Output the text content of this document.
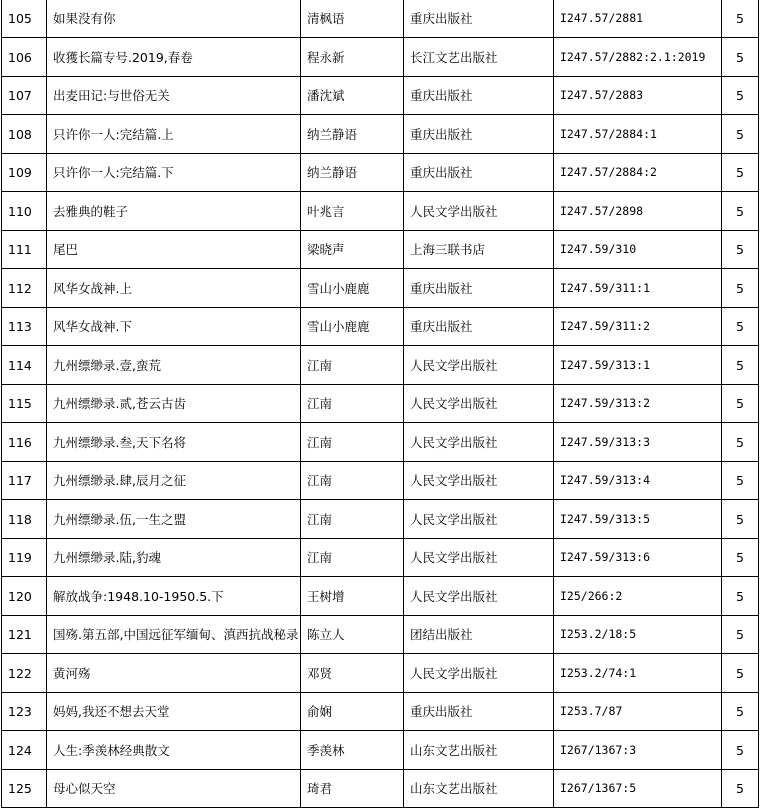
105	如果没有你	清枫语	重庆出版社	I247.57/2881	5
106	收獲长篇专号.2019,春卷	程永新	长江文艺出版社	I247.57/2882:2.1:2019	5
107	出麦田记:与世俗无关	潘沈斌	重庆出版社	I247.57/2883	5
108	只许你一人:完结篇.上	纳兰静语	重庆出版社	I247.57/2884:1	5
109	只许你一人:完结篇.下	纳兰静语	重庆出版社	I247.57/2884:2	5
110	去雅典的鞋子	叶兆言	人民文学出版社	I247.57/2898	5
111	尾巴	梁晓声	上海三联书店	I247.59/310	5
112	风华女战神.上	雪山小鹿鹿	重庆出版社	I247.59/311:1	5
113	风华女战神.下	雪山小鹿鹿	重庆出版社	I247.59/311:2	5
114	九州缥缈录.壹,蛮荒	江南	人民文学出版社	I247.59/313:1	5
115	九州缥缈录.贰,苍云古齿	江南	人民文学出版社	I247.59/313:2	5
116	九州缥缈录.叁,天下名将	江南	人民文学出版社	I247.59/313:3	5
117	九州缥缈录.肆,辰月之征	江南	人民文学出版社	I247.59/313:4	5
118	九州缥缈录.伍,一生之盟	江南	人民文学出版社	I247.59/313:5	5
119	九州缥缈录.陆,豹魂	江南	人民文学出版社	I247.59/313:6	5
120	解放战争:1948.10-1950.5.下	王树增	人民文学出版社	I25/266:2	5
121	国殇.第五部,中国远征军缅甸、滇西抗战秘录	陈立人	团结出版社	I253.2/18:5	5
122	黄河殇	邓贤	人民文学出版社	I253.2/74:1	5
123	妈妈,我还不想去天堂	俞娴	重庆出版社	I253.7/87	5
124	人生:季羡林经典散文	季羡林	山东文艺出版社	I267/1367:3	5
125	母心似天空	琦君	山东文艺出版社	I267/1367:5	5
